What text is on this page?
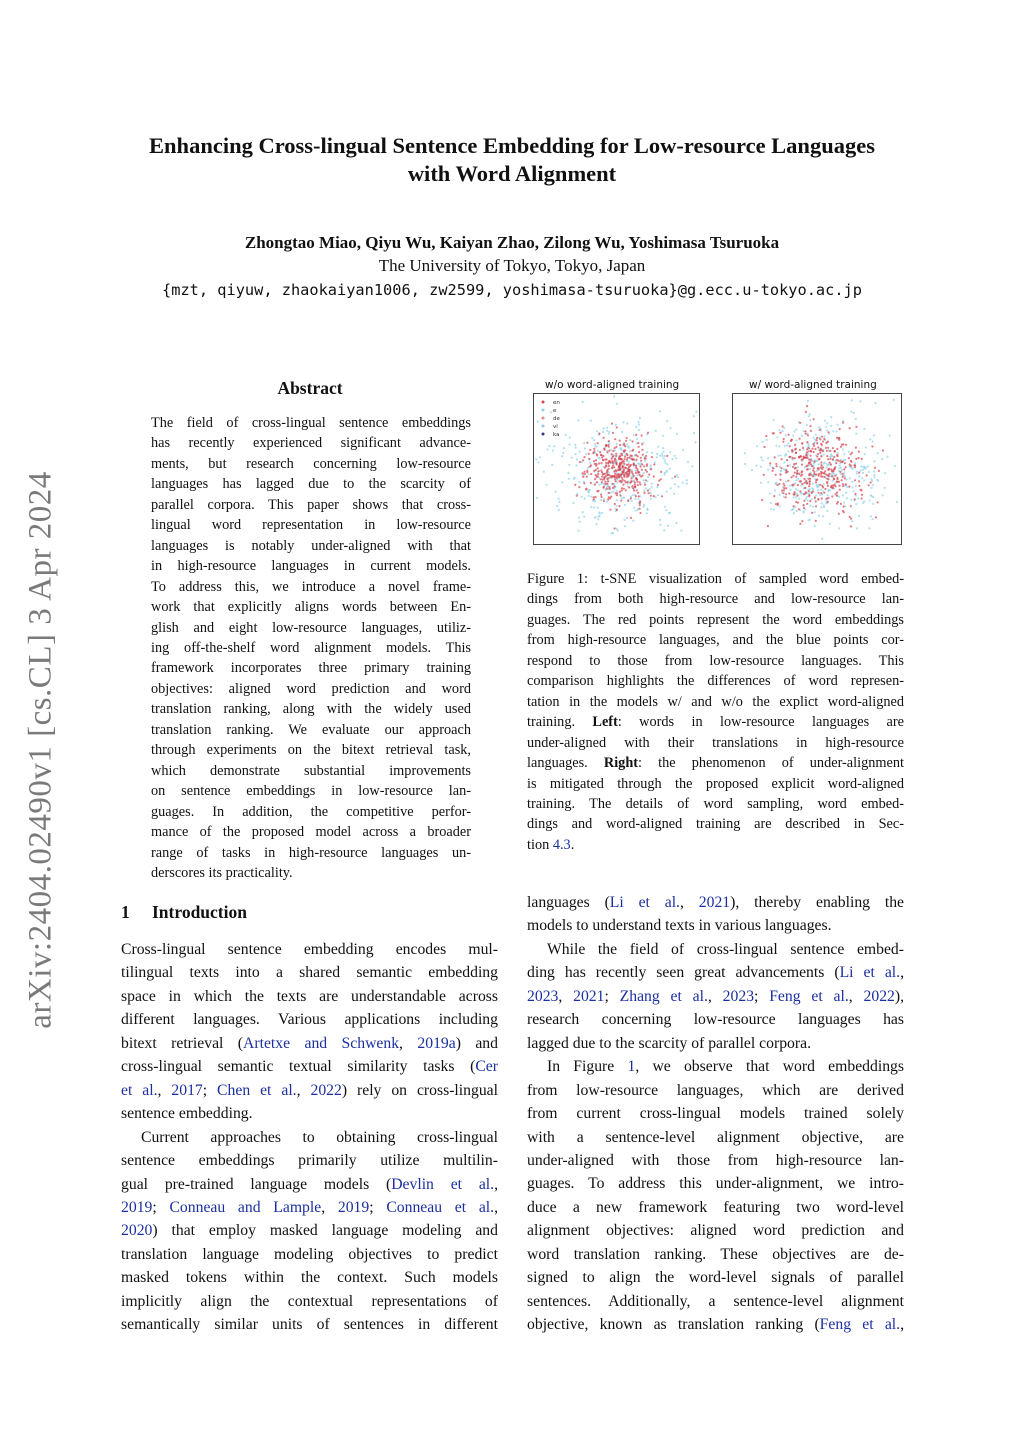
arXiv:2404.02490v1 [cs.CL] 3 Apr 2024
Enhancing Cross-lingual Sentence Embedding for Low-resource Languages
with Word Alignment
Zhongtao Miao, Qiyu Wu, Kaiyan Zhao, Zilong Wu, Yoshimasa Tsuruoka
The University of Tokyo, Tokyo, Japan
{mzt, qiyuw, zhaokaiyan1006, zw2599, yoshimasa-tsuruoka}@g.ecc.u-tokyo.ac.jp
Abstract
The field of cross-lingual sentence embeddings
has recently experienced significant advance-
ments, but research concerning low-resource
languages has lagged due to the scarcity of
parallel corpora. This paper shows that cross-
lingual word representation in low-resource
languages is notably under-aligned with that
in high-resource languages in current models.
To address this, we introduce a novel frame-
work that explicitly aligns words between En-
glish and eight low-resource languages, utiliz-
ing off-the-shelf word alignment models. This
framework incorporates three primary training
objectives: aligned word prediction and word
translation ranking, along with the widely used
translation ranking. We evaluate our approach
through experiments on the bitext retrieval task,
which demonstrate substantial improvements
on sentence embeddings in low-resource lan-
guages. In addition, the competitive perfor-
mance of the proposed model across a broader
range of tasks in high-resource languages un-
derscores its practicality.
w/o word-aligned training	w/ word-aligned training
en
e
de
vi
ka
Figure 1: t-SNE visualization of sampled word embed-
dings from both high-resource and low-resource lan-
guages. The red points represent the word embeddings
from high-resource languages, and the blue points cor-
respond to those from low-resource languages. This
comparison highlights the differences of word represen-
tation in the models w/ and w/o the explict word-aligned
training. Left: words in low-resource languages are
under-aligned with their translations in high-resource
languages. Right: the phenomenon of under-alignment
is mitigated through the proposed explicit word-aligned
training. The details of word sampling, word embed-
dings and word-aligned training are described in Sec-
tion 4.3.
1 Introduction
Cross-lingual sentence embedding encodes mul-
tilingual texts into a shared semantic embedding
space in which the texts are understandable across
different languages. Various applications including
bitext retrieval (Artetxe and Schwenk, 2019a) and
cross-lingual semantic textual similarity tasks (Cer
et al., 2017; Chen et al., 2022) rely on cross-lingual
sentence embedding.
Current approaches to obtaining cross-lingual
sentence embeddings primarily utilize multilin-
gual pre-trained language models (Devlin et al.,
2019; Conneau and Lample, 2019; Conneau et al.,
2020) that employ masked language modeling and
translation language modeling objectives to predict
masked tokens within the context. Such models
implicitly align the contextual representations of
semantically similar units of sentences in different
languages (Li et al., 2021), thereby enabling the
models to understand texts in various languages.
While the field of cross-lingual sentence embed-
ding has recently seen great advancements (Li et al.,
2023, 2021; Zhang et al., 2023; Feng et al., 2022),
research concerning low-resource languages has
lagged due to the scarcity of parallel corpora.
In Figure 1, we observe that word embeddings
from low-resource languages, which are derived
from current cross-lingual models trained solely
with a sentence-level alignment objective, are
under-aligned with those from high-resource lan-
guages. To address this under-alignment, we intro-
duce a new framework featuring two word-level
alignment objectives: aligned word prediction and
word translation ranking. These objectives are de-
signed to align the word-level signals of parallel
sentences. Additionally, a sentence-level alignment
objective, known as translation ranking (Feng et al.,
